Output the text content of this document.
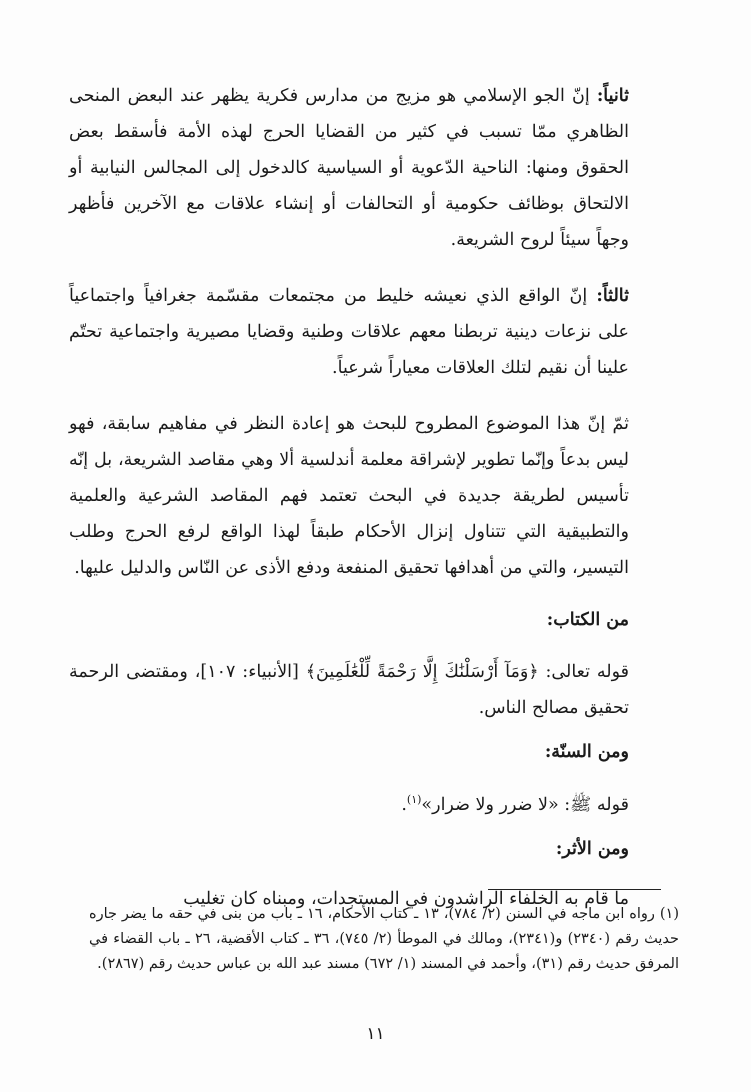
ثانياً: إنّ الجو الإسلامي هو مزيج من مدارس فكرية يظهر عند البعض المنحى الظاهري ممّا تسبب في كثير من القضايا الحرج لهذه الأمة فأسقط بعض الحقوق ومنها: الناحية الدّعوية أو السياسية كالدخول إلى المجالس النيابية أو الالتحاق بوظائف حكومية أو التحالفات أو إنشاء علاقات مع الآخرين فأظهر وجهاً سيئاً لروح الشريعة.

ثالثاً: إنّ الواقع الذي نعيشه خليط من مجتمعات مقسّمة جغرافياً واجتماعياً على نزعات دينية تربطنا معهم علاقات وطنية وقضايا مصيرية واجتماعية تحتّم علينا أن نقيم لتلك العلاقات معياراً شرعياً.

ثمّ إنّ هذا الموضوع المطروح للبحث هو إعادة النظر في مفاهيم سابقة، فهو ليس بدعاً وإنّما تطوير لإشراقة معلمة أندلسية ألا وهي مقاصد الشريعة، بل إنّه تأسيس لطريقة جديدة في البحث تعتمد فهم المقاصد الشرعية والعلمية والتطبيقية التي تتناول إنزال الأحكام طبقاً لهذا الواقع لرفع الحرج وطلب التيسير، والتي من أهدافها تحقيق المنفعة ودفع الأذى عن النّاس والدليل عليها.

من الكتاب:

قوله تعالى: ﴿وَمَآ أَرْسَلْنَٰكَ إِلَّا رَحْمَةً لِّلْعَٰلَمِينَ﴾ [الأنبياء: ١٠٧]، ومقتضى الرحمة تحقيق مصالح الناس.

ومن السنّة:

قوله ﷺ: «لا ضرر ولا ضرار»$^{(١)}$.

ومن الأثر:

ما قام به الخلفاء الراشدون في المستجدات، ومبناه كان تغليب

(١) رواه ابن ماجه في السنن (٢/ ٧٨٤)، ١٣ ـ كتاب الأحكام، ١٦ ـ باب من بنى في حقه ما يضر جاره حديث رقم (٢٣٤٠) و(٢٣٤١)، ومالك في الموطأ (٢/ ٧٤٥)، ٣٦ ـ كتاب الأقضية، ٢٦ ـ باب القضاء في المرفق حديث رقم (٣١)، وأحمد في المسند (١/ ٦٧٢) مسند عبد الله بن عباس حديث رقم (٢٨٦٧).

١١
